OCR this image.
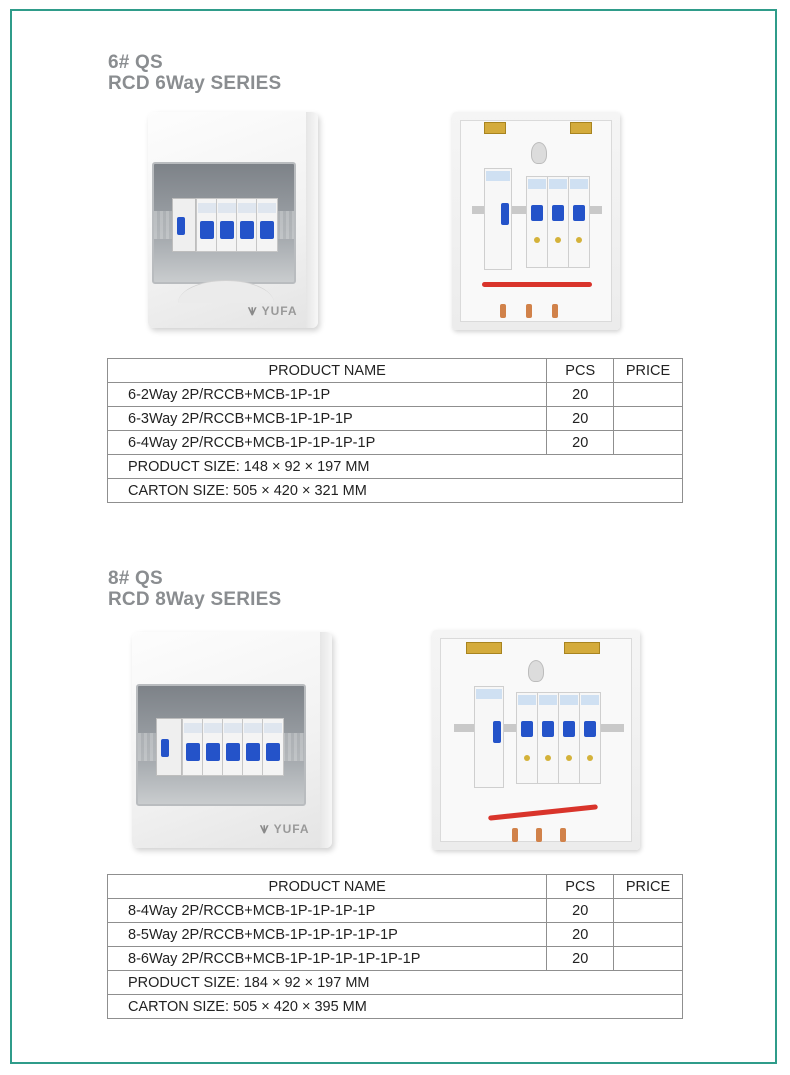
6# QS
RCD 6Way SERIES
⩛ YUFA
PRODUCT NAME	PCS	PRICE
6-2Way 2P/RCCB+MCB-1P-1P	20	
6-3Way 2P/RCCB+MCB-1P-1P-1P	20	
6-4Way 2P/RCCB+MCB-1P-1P-1P-1P	20	
PRODUCT SIZE: 148 × 92 × 197 MM		
CARTON SIZE: 505 × 420 × 321 MM		
8# QS
RCD 8Way SERIES
⩛ YUFA
PRODUCT NAME	PCS	PRICE
8-4Way 2P/RCCB+MCB-1P-1P-1P-1P	20	
8-5Way 2P/RCCB+MCB-1P-1P-1P-1P-1P	20	
8-6Way 2P/RCCB+MCB-1P-1P-1P-1P-1P-1P	20	
PRODUCT SIZE: 184 × 92 × 197 MM		
CARTON SIZE: 505 × 420 × 395 MM		
